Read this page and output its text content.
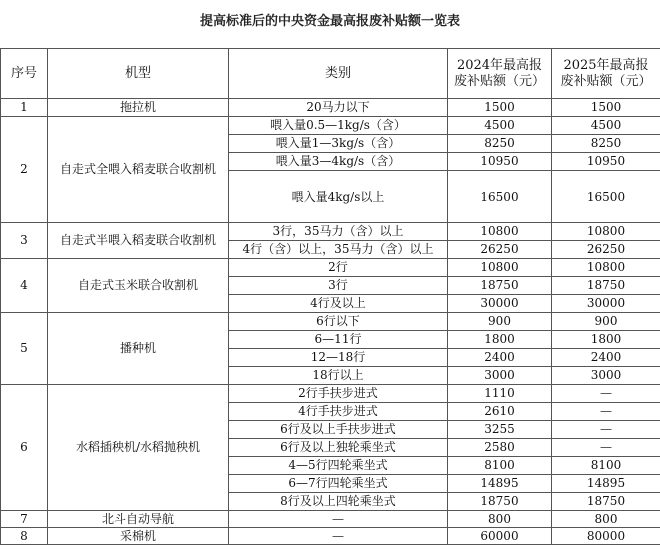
提高标准后的中央资金最高报废补贴额一览表
序号	机型	类别	2024年最高报废补贴额（元）	2025年最高报废补贴额（元）

1	拖拉机	20马力以下	1500	1500
2	自走式全喂入稻麦联合收割机	喂入量0.5—1kg/s（含）	4500	4500
		喂入量1—3kg/s（含）	8250	8250
		喂入量3—4kg/s（含）	10950	10950
		喂入量4kg/s以上	16500	16500
3	自走式半喂入稻麦联合收割机	3行，35马力（含）以上	10800	10800
		4行（含）以上，35马力（含）以上	26250	26250
4	自走式玉米联合收割机	2行	10800	10800
		3行	18750	18750
		4行及以上	30000	30000
5	播种机	6行以下	900	900
		6—11行	1800	1800
		12—18行	2400	2400
		18行以上	3000	3000
6	水稻插秧机/水稻抛秧机	2行手扶步进式	1110	—
		4行手扶步进式	2610	—
		6行及以上手扶步进式	3255	—
		6行及以上独轮乘坐式	2580	—
		4—5行四轮乘坐式	8100	8100
		6—7行四轮乘坐式	14895	14895
		8行及以上四轮乘坐式	18750	18750
7	北斗自动导航	—	800	800
8	采棉机	—	60000	80000
